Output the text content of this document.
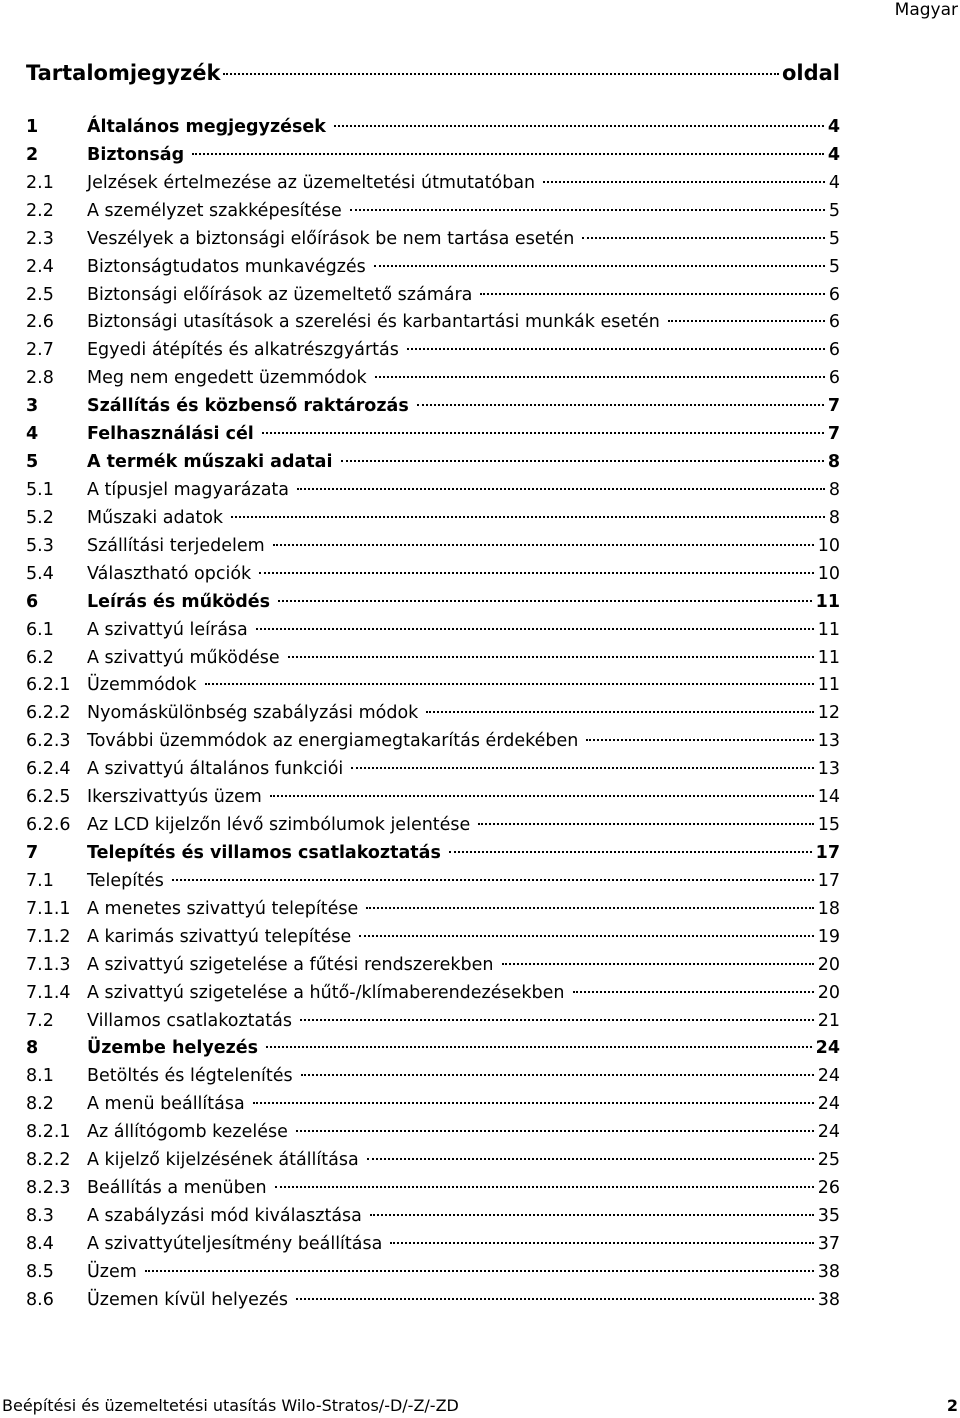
Magyar
Tartalomjegyzék	oldal
1	Általános megjegyzések	4
2	Biztonság	4
2.1	Jelzések értelmezése az üzemeltetési útmutatóban	4
2.2	A személyzet szakképesítése	5
2.3	Veszélyek a biztonsági előírások be nem tartása esetén	5
2.4	Biztonságtudatos munkavégzés	5
2.5	Biztonsági előírások az üzemeltető számára	6
2.6	Biztonsági utasítások a szerelési és karbantartási munkák esetén	6
2.7	Egyedi átépítés és alkatrészgyártás	6
2.8	Meg nem engedett üzemmódok	6
3	Szállítás és közbenső raktározás	7
4	Felhasználási cél	7
5	A termék műszaki adatai	8
5.1	A típusjel magyarázata	8
5.2	Műszaki adatok	8
5.3	Szállítási terjedelem	10
5.4	Választható opciók	10
6	Leírás és működés	11
6.1	A szivattyú leírása	11
6.2	A szivattyú működése	11
6.2.1 Üzemmódok	11
6.2.2 Nyomáskülönbség szabályzási módok	12
6.2.3 További üzemmódok az energiamegtakarítás érdekében	13
6.2.4 A szivattyú általános funkciói	13
6.2.5 Ikerszivattyús üzem	14
6.2.6 Az LCD kijelzőn lévő szimbólumok jelentése	15
7	Telepítés és villamos csatlakoztatás	17
7.1	Telepítés	17
7.1.1 A menetes szivattyú telepítése	18
7.1.2 A karimás szivattyú telepítése	19
7.1.3 A szivattyú szigetelése a fűtési rendszerekben	20
7.1.4 A szivattyú szigetelése a hűtő-/klímaberendezésekben	20
7.2	Villamos csatlakoztatás	21
8	Üzembe helyezés	24
8.1	Betöltés és légtelenítés	24
8.2	A menü beállítása	24
8.2.1 Az állítógomb kezelése	24
8.2.2 A kijelző kijelzésének átállítása	25
8.2.3 Beállítás a menüben	26
8.3	A szabályzási mód kiválasztása	35
8.4	A szivattyúteljesítmény beállítása	37
8.5	Üzem	38
8.6	Üzemen kívül helyezés	38
Beépítési és üzemeltetési utasítás Wilo-Stratos/-D/-Z/-ZD	2
